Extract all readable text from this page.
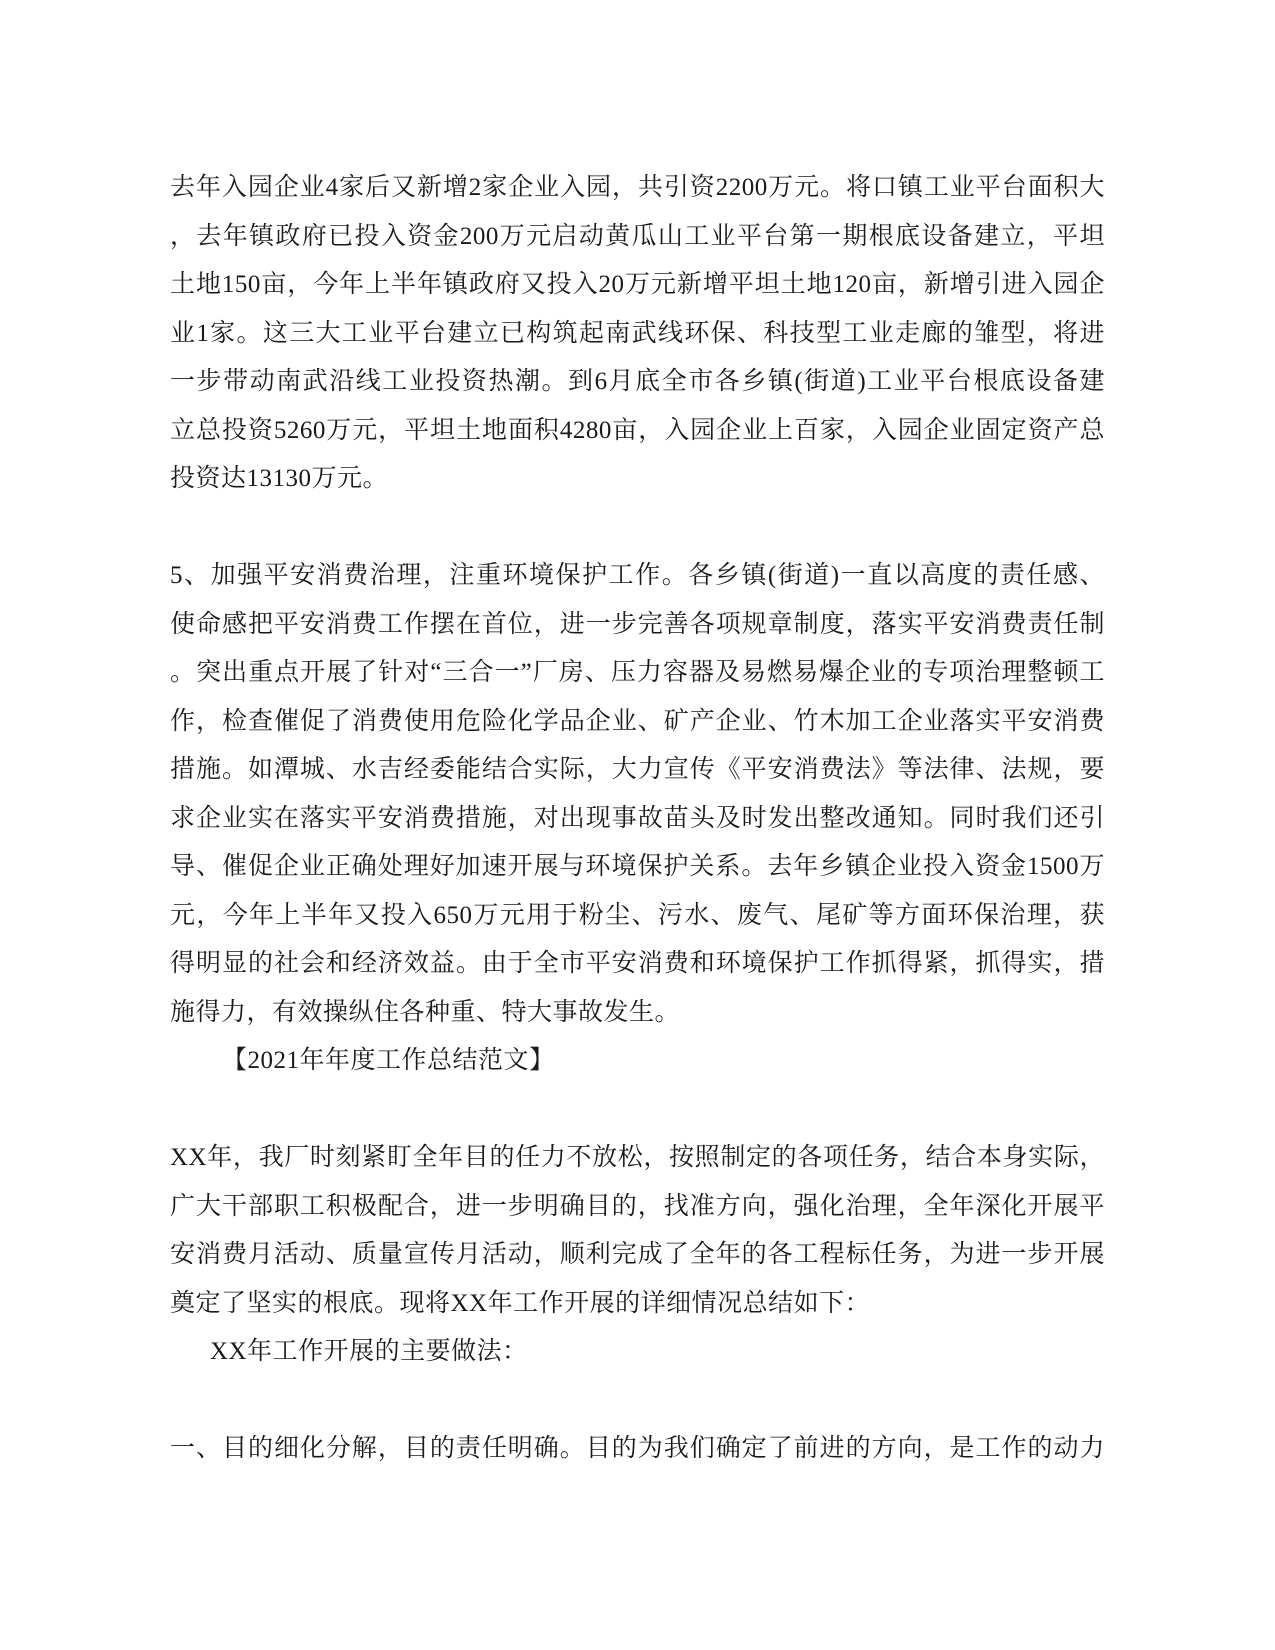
去年入园企业4家后又新增2家企业入园，共引资2200万元。将口镇工业平台面积大
，去年镇政府已投入资金200万元启动黄瓜山工业平台第一期根底设备建立，平坦
土地150亩，今年上半年镇政府又投入20万元新增平坦土地120亩，新增引进入园企
业1家。这三大工业平台建立已构筑起南武线环保、科技型工业走廊的雏型，将进
一步带动南武沿线工业投资热潮。到6月底全市各乡镇(街道)工业平台根底设备建
立总投资5260万元，平坦土地面积4280亩，入园企业上百家，入园企业固定资产总
投资达13130万元。
5、加强平安消费治理，注重环境保护工作。各乡镇(街道)一直以高度的责任感、
使命感把平安消费工作摆在首位，进一步完善各项规章制度，落实平安消费责任制
。突出重点开展了针对“三合一”厂房、压力容器及易燃易爆企业的专项治理整顿工
作，检查催促了消费使用危险化学品企业、矿产企业、竹木加工企业落实平安消费
措施。如潭城、水吉经委能结合实际，大力宣传《平安消费法》等法律、法规，要
求企业实在落实平安消费措施，对出现事故苗头及时发出整改通知。同时我们还引
导、催促企业正确处理好加速开展与环境保护关系。去年乡镇企业投入资金1500万
元，今年上半年又投入650万元用于粉尘、污水、废气、尾矿等方面环保治理，获
得明显的社会和经济效益。由于全市平安消费和环境保护工作抓得紧，抓得实，措
施得力，有效操纵住各种重、特大事故发生。
【2021年年度工作总结范文】
XX年，我厂时刻紧盯全年目的任力不放松，按照制定的各项任务，结合本身实际，
广大干部职工积极配合，进一步明确目的，找准方向，强化治理，全年深化开展平
安消费月活动、质量宣传月活动，顺利完成了全年的各工程标任务，为进一步开展
奠定了坚实的根底。现将XX年工作开展的详细情况总结如下：
XX年工作开展的主要做法：
一、目的细化分解，目的责任明确。目的为我们确定了前进的方向，是工作的动力
